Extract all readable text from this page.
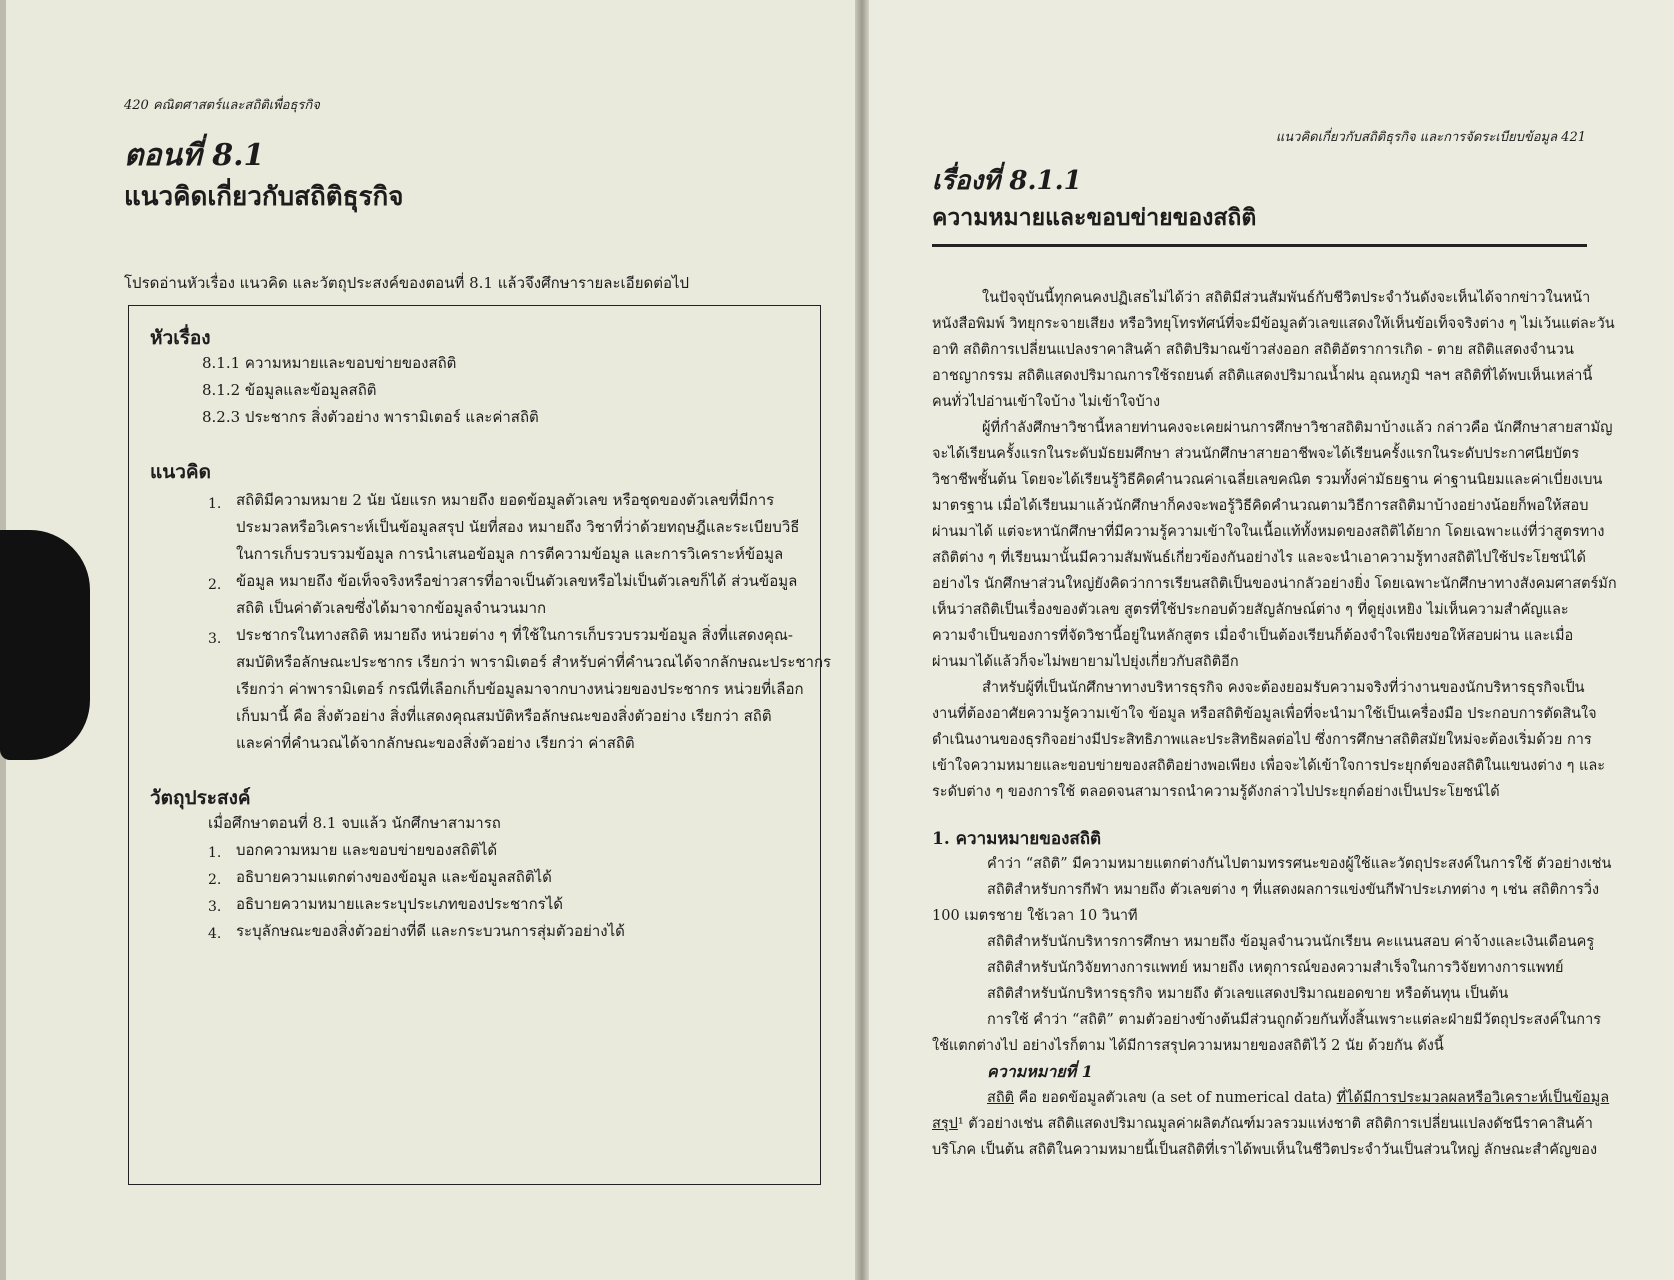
420 คณิตศาสตร์และสถิติเพื่อธุรกิจ
ตอนที่ 8.1
แนวคิดเกี่ยวกับสถิติธุรกิจ
โปรดอ่านหัวเรื่อง แนวคิด และวัตถุประสงค์ของตอนที่ 8.1 แล้วจึงศึกษารายละเอียดต่อไป
หัวเรื่อง
8.1.1 ความหมายและขอบข่ายของสถิติ
8.1.2 ข้อมูลและข้อมูลสถิติ
8.2.3 ประชากร สิ่งตัวอย่าง พารามิเตอร์ และค่าสถิติ
แนวคิด
1. สถิติมีความหมาย 2 นัย นัยแรก หมายถึง ยอดข้อมูลตัวเลข หรือชุดของตัวเลขที่มีการ
ประมวลหรือวิเคราะห์เป็นข้อมูลสรุป นัยที่สอง หมายถึง วิชาที่ว่าด้วยทฤษฎีและระเบียบวิธี
ในการเก็บรวบรวมข้อมูล การนำเสนอข้อมูล การตีความข้อมูล และการวิเคราะห์ข้อมูล
2. ข้อมูล หมายถึง ข้อเท็จจริงหรือข่าวสารที่อาจเป็นตัวเลขหรือไม่เป็นตัวเลขก็ได้ ส่วนข้อมูล
สถิติ เป็นค่าตัวเลขซึ่งได้มาจากข้อมูลจำนวนมาก
3. ประชากรในทางสถิติ หมายถึง หน่วยต่าง ๆ ที่ใช้ในการเก็บรวบรวมข้อมูล สิ่งที่แสดงคุณ-
สมบัติหรือลักษณะประชากร เรียกว่า พารามิเตอร์ สำหรับค่าที่คำนวณได้จากลักษณะประชากร
เรียกว่า ค่าพารามิเตอร์ กรณีที่เลือกเก็บข้อมูลมาจากบางหน่วยของประชากร หน่วยที่เลือก
เก็บมานี้ คือ สิ่งตัวอย่าง สิ่งที่แสดงคุณสมบัติหรือลักษณะของสิ่งตัวอย่าง เรียกว่า สถิติ
และค่าที่คำนวณได้จากลักษณะของสิ่งตัวอย่าง เรียกว่า ค่าสถิติ
วัตถุประสงค์
เมื่อศึกษาตอนที่ 8.1 จบแล้ว นักศึกษาสามารถ
1. บอกความหมาย และขอบข่ายของสถิติได้
2. อธิบายความแตกต่างของข้อมูล และข้อมูลสถิติได้
3. อธิบายความหมายและระบุประเภทของประชากรได้
4. ระบุลักษณะของสิ่งตัวอย่างที่ดี และกระบวนการสุ่มตัวอย่างได้
แนวคิดเกี่ยวกับสถิติธุรกิจ และการจัดระเบียบข้อมูล 421
เรื่องที่ 8.1.1
ความหมายและขอบข่ายของสถิติ
ในปัจจุบันนี้ทุกคนคงปฏิเสธไม่ได้ว่า สถิติมีส่วนสัมพันธ์กับชีวิตประจำวันดังจะเห็นได้จากข่าวในหน้า
หนังสือพิมพ์ วิทยุกระจายเสียง หรือวิทยุโทรทัศน์ที่จะมีข้อมูลตัวเลขแสดงให้เห็นข้อเท็จจริงต่าง ๆ ไม่เว้นแต่ละวัน
อาทิ สถิติการเปลี่ยนแปลงราคาสินค้า สถิติปริมาณข้าวส่งออก สถิติอัตราการเกิด - ตาย สถิติแสดงจำนวน
อาชญากรรม สถิติแสดงปริมาณการใช้รถยนต์ สถิติแสดงปริมาณน้ำฝน อุณหภูมิ ฯลฯ สถิติที่ได้พบเห็นเหล่านี้
คนทั่วไปอ่านเข้าใจบ้าง ไม่เข้าใจบ้าง
ผู้ที่กำลังศึกษาวิชานี้หลายท่านคงจะเคยผ่านการศึกษาวิชาสถิติมาบ้างแล้ว กล่าวคือ นักศึกษาสายสามัญ
จะได้เรียนครั้งแรกในระดับมัธยมศึกษา ส่วนนักศึกษาสายอาชีพจะได้เรียนครั้งแรกในระดับประกาศนียบัตร
วิชาชีพชั้นต้น โดยจะได้เรียนรู้วิธีคิดคำนวณค่าเฉลี่ยเลขคณิต รวมทั้งค่ามัธยฐาน ค่าฐานนิยมและค่าเบี่ยงเบน
มาตรฐาน เมื่อได้เรียนมาแล้วนักศึกษาก็คงจะพอรู้วิธีคิดคำนวณตามวิธีการสถิติมาบ้างอย่างน้อยก็พอให้สอบ
ผ่านมาได้ แต่จะหานักศึกษาที่มีความรู้ความเข้าใจในเนื้อแท้ทั้งหมดของสถิติได้ยาก โดยเฉพาะแง่ที่ว่าสูตรทาง
สถิติต่าง ๆ ที่เรียนมานั้นมีความสัมพันธ์เกี่ยวข้องกันอย่างไร และจะนำเอาความรู้ทางสถิติไปใช้ประโยชน์ได้
อย่างไร นักศึกษาส่วนใหญ่ยังคิดว่าการเรียนสถิติเป็นของน่ากลัวอย่างยิ่ง โดยเฉพาะนักศึกษาทางสังคมศาสตร์มัก
เห็นว่าสถิติเป็นเรื่องของตัวเลข สูตรที่ใช้ประกอบด้วยสัญลักษณ์ต่าง ๆ ที่ดูยุ่งเหยิง ไม่เห็นความสำคัญและ
ความจำเป็นของการที่จัดวิชานี้อยู่ในหลักสูตร เมื่อจำเป็นต้องเรียนก็ต้องจำใจเพียงขอให้สอบผ่าน และเมื่อ
ผ่านมาได้แล้วก็จะไม่พยายามไปยุ่งเกี่ยวกับสถิติอีก
สำหรับผู้ที่เป็นนักศึกษาทางบริหารธุรกิจ คงจะต้องยอมรับความจริงที่ว่างานของนักบริหารธุรกิจเป็น
งานที่ต้องอาศัยความรู้ความเข้าใจ ข้อมูล หรือสถิติข้อมูลเพื่อที่จะนำมาใช้เป็นเครื่องมือ ประกอบการตัดสินใจ
ดำเนินงานของธุรกิจอย่างมีประสิทธิภาพและประสิทธิผลต่อไป ซึ่งการศึกษาสถิติสมัยใหม่จะต้องเริ่มด้วย การ
เข้าใจความหมายและขอบข่ายของสถิติอย่างพอเพียง เพื่อจะได้เข้าใจการประยุกต์ของสถิติในแขนงต่าง ๆ และ
ระดับต่าง ๆ ของการใช้ ตลอดจนสามารถนำความรู้ดังกล่าวไปประยุกต์อย่างเป็นประโยชน์ได้
1. ความหมายของสถิติ
คำว่า “สถิติ” มีความหมายแตกต่างกันไปตามทรรศนะของผู้ใช้และวัตถุประสงค์ในการใช้ ตัวอย่างเช่น
สถิติสำหรับการกีฬา หมายถึง ตัวเลขต่าง ๆ ที่แสดงผลการแข่งขันกีฬาประเภทต่าง ๆ เช่น สถิติการวิ่ง
100 เมตรชาย ใช้เวลา 10 วินาที
สถิติสำหรับนักบริหารการศึกษา หมายถึง ข้อมูลจำนวนนักเรียน คะแนนสอบ ค่าจ้างและเงินเดือนครู
สถิติสำหรับนักวิจัยทางการแพทย์ หมายถึง เหตุการณ์ของความสำเร็จในการวิจัยทางการแพทย์
สถิติสำหรับนักบริหารธุรกิจ หมายถึง ตัวเลขแสดงปริมาณยอดขาย หรือต้นทุน เป็นต้น
การใช้ คำว่า “สถิติ” ตามตัวอย่างข้างต้นมีส่วนถูกด้วยกันทั้งสิ้นเพราะแต่ละฝ่ายมีวัตถุประสงค์ในการ
ใช้แตกต่างไป อย่างไรก็ตาม ได้มีการสรุปความหมายของสถิติไว้ 2 นัย ด้วยกัน ดังนี้
ความหมายที่ 1
สถิติ คือ ยอดข้อมูลตัวเลข (a set of numerical data) ที่ได้มีการประมวลผลหรือวิเคราะห์เป็นข้อมูล
สรุป¹ ตัวอย่างเช่น สถิติแสดงปริมาณมูลค่าผลิตภัณฑ์มวลรวมแห่งชาติ สถิติการเปลี่ยนแปลงดัชนีราคาสินค้า
บริโภค เป็นต้น สถิติในความหมายนี้เป็นสถิติที่เราได้พบเห็นในชีวิตประจำวันเป็นส่วนใหญ่ ลักษณะสำคัญของ
